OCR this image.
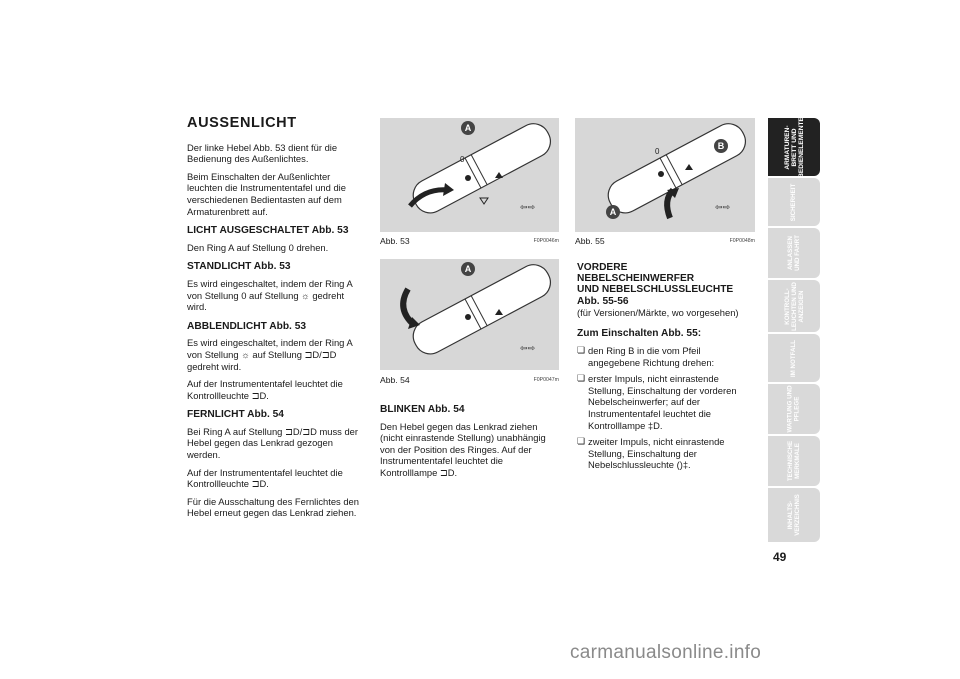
AUSSENLICHT

Der linke Hebel Abb. 53 dient für die Bedienung des Außenlichtes.

Beim Einschalten der Außenlichter leuchten die Instrumententafel und die verschiedenen Bedientasten auf dem Armaturenbrett auf.

LICHT AUSGESCHALTET Abb. 53

Den Ring A auf Stellung 0 drehen.

STANDLICHT Abb. 53

Es wird eingeschaltet, indem der Ring A von Stellung 0 auf Stellung ☼ gedreht wird.

ABBLENDLICHT Abb. 53

Es wird eingeschaltet, indem der Ring A von Stellung ☼ auf Stellung ⊐D/⊐D gedreht wird.

Auf der Instrumententafel leuchtet die Kontrollleuchte ⊐D.

FERNLICHT Abb. 54

Bei Ring A auf Stellung ⊐D/⊐D muss der Hebel gegen das Lenkrad gezogen werden.

Auf der Instrumententafel leuchtet die Kontrollleuchte ⊐D.

Für die Ausschaltung des Fernlichtes den Hebel erneut gegen das Lenkrad ziehen.

A
0
⇦⇨
Abb. 53	F0P0046m
A
⇦⇨
Abb. 54	F0P0047m
BLINKEN Abb. 54

Den Hebel gegen das Lenkrad ziehen (nicht einrastende Stellung) unabhängig von der Position des Ringes. Auf der Instrumententafel leuchtet die Kontrolllampe ⊐D.

B
A
0
⇦⇨
Abb. 55	F0P0048m
VORDERE
NEBELSCHEINWERFER
UND NEBELSCHLUSSLEUCHTE
Abb. 55-56

(für Versionen/Märkte, wo vorgesehen)

Zum Einschalten Abb. 55:
❏ den Ring B in die vom Pfeil angegebene Richtung drehen:
❏ erster Impuls, nicht einrastende Stellung, Einschaltung der vorderen Nebelscheinwerfer; auf der Instrumententafel leuchtet die Kontrolllampe ‡D.
❏ zweiter Impuls, nicht einrastende Stellung, Einschaltung der Nebelschlussleuchte ()‡.
ARMATUREN-
BRETT UND
BEDIENELEMENTE
SICHERHEIT
ANLASSEN
UND FAHRT
KONTROLL-
LEUCHTEN UND
ANZEIGEN
IM NOTFALL
WARTUNG UND
PFLEGE
TECHNISCHE
MERKMALE
INHALTS-
VERZEICHNIS
49
carmanualsonline.info
